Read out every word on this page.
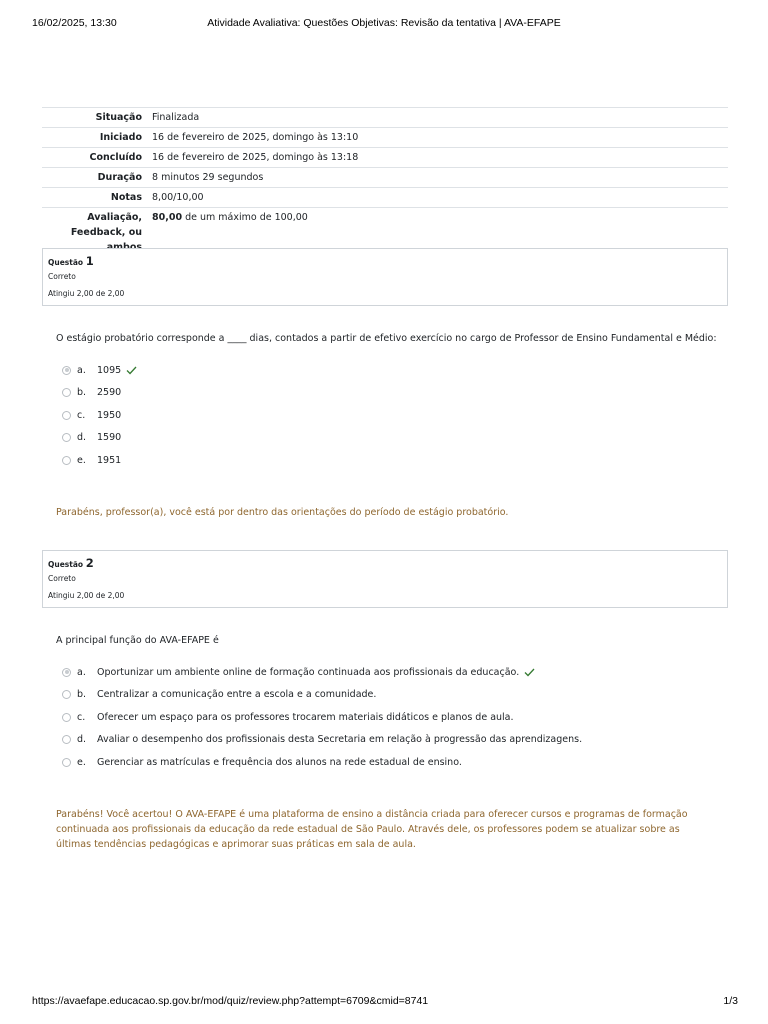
16/02/2025, 13:30	Atividade Avaliativa: Questões Objetivas: Revisão da tentativa | AVA-EFAPE
Situação	Finalizada
Iniciado	16 de fevereiro de 2025, domingo às 13:10
Concluído	16 de fevereiro de 2025, domingo às 13:18
Duração	8 minutos 29 segundos
Notas	8,00/10,00
Avaliação, Feedback, ou	80,00 de um máximo de 100,00
Questão 1
Correto
Atingiu 2,00 de 2,00
O estágio probatório corresponde a ____ dias, contados a partir de efetivo exercício no cargo de Professor de Ensino Fundamental e Médio:
a.	1095
b.	2590
c.	1950
d.	1590
e.	1951
Parabéns, professor(a), você está por dentro das orientações do período de estágio probatório.
Questão 2
Correto
Atingiu 2,00 de 2,00
A principal função do AVA-EFAPE é
a.	Oportunizar um ambiente online de formação continuada aos profissionais da educação.
b.	Centralizar a comunicação entre a escola e a comunidade.
c.	Oferecer um espaço para os professores trocarem materiais didáticos e planos de aula.
d.	Avaliar o desempenho dos profissionais desta Secretaria em relação à progressão das aprendizagens.
e.	Gerenciar as matrículas e frequência dos alunos na rede estadual de ensino.
Parabéns! Você acertou! O AVA-EFAPE é uma plataforma de ensino a distância criada para oferecer cursos e programas de formação continuada aos profissionais da educação da rede estadual de São Paulo. Através dele, os professores podem se atualizar sobre as últimas tendências pedagógicas e aprimorar suas práticas em sala de aula.
https://avaefape.educacao.sp.gov.br/mod/quiz/review.php?attempt=6709&cmid=8741	1/3
